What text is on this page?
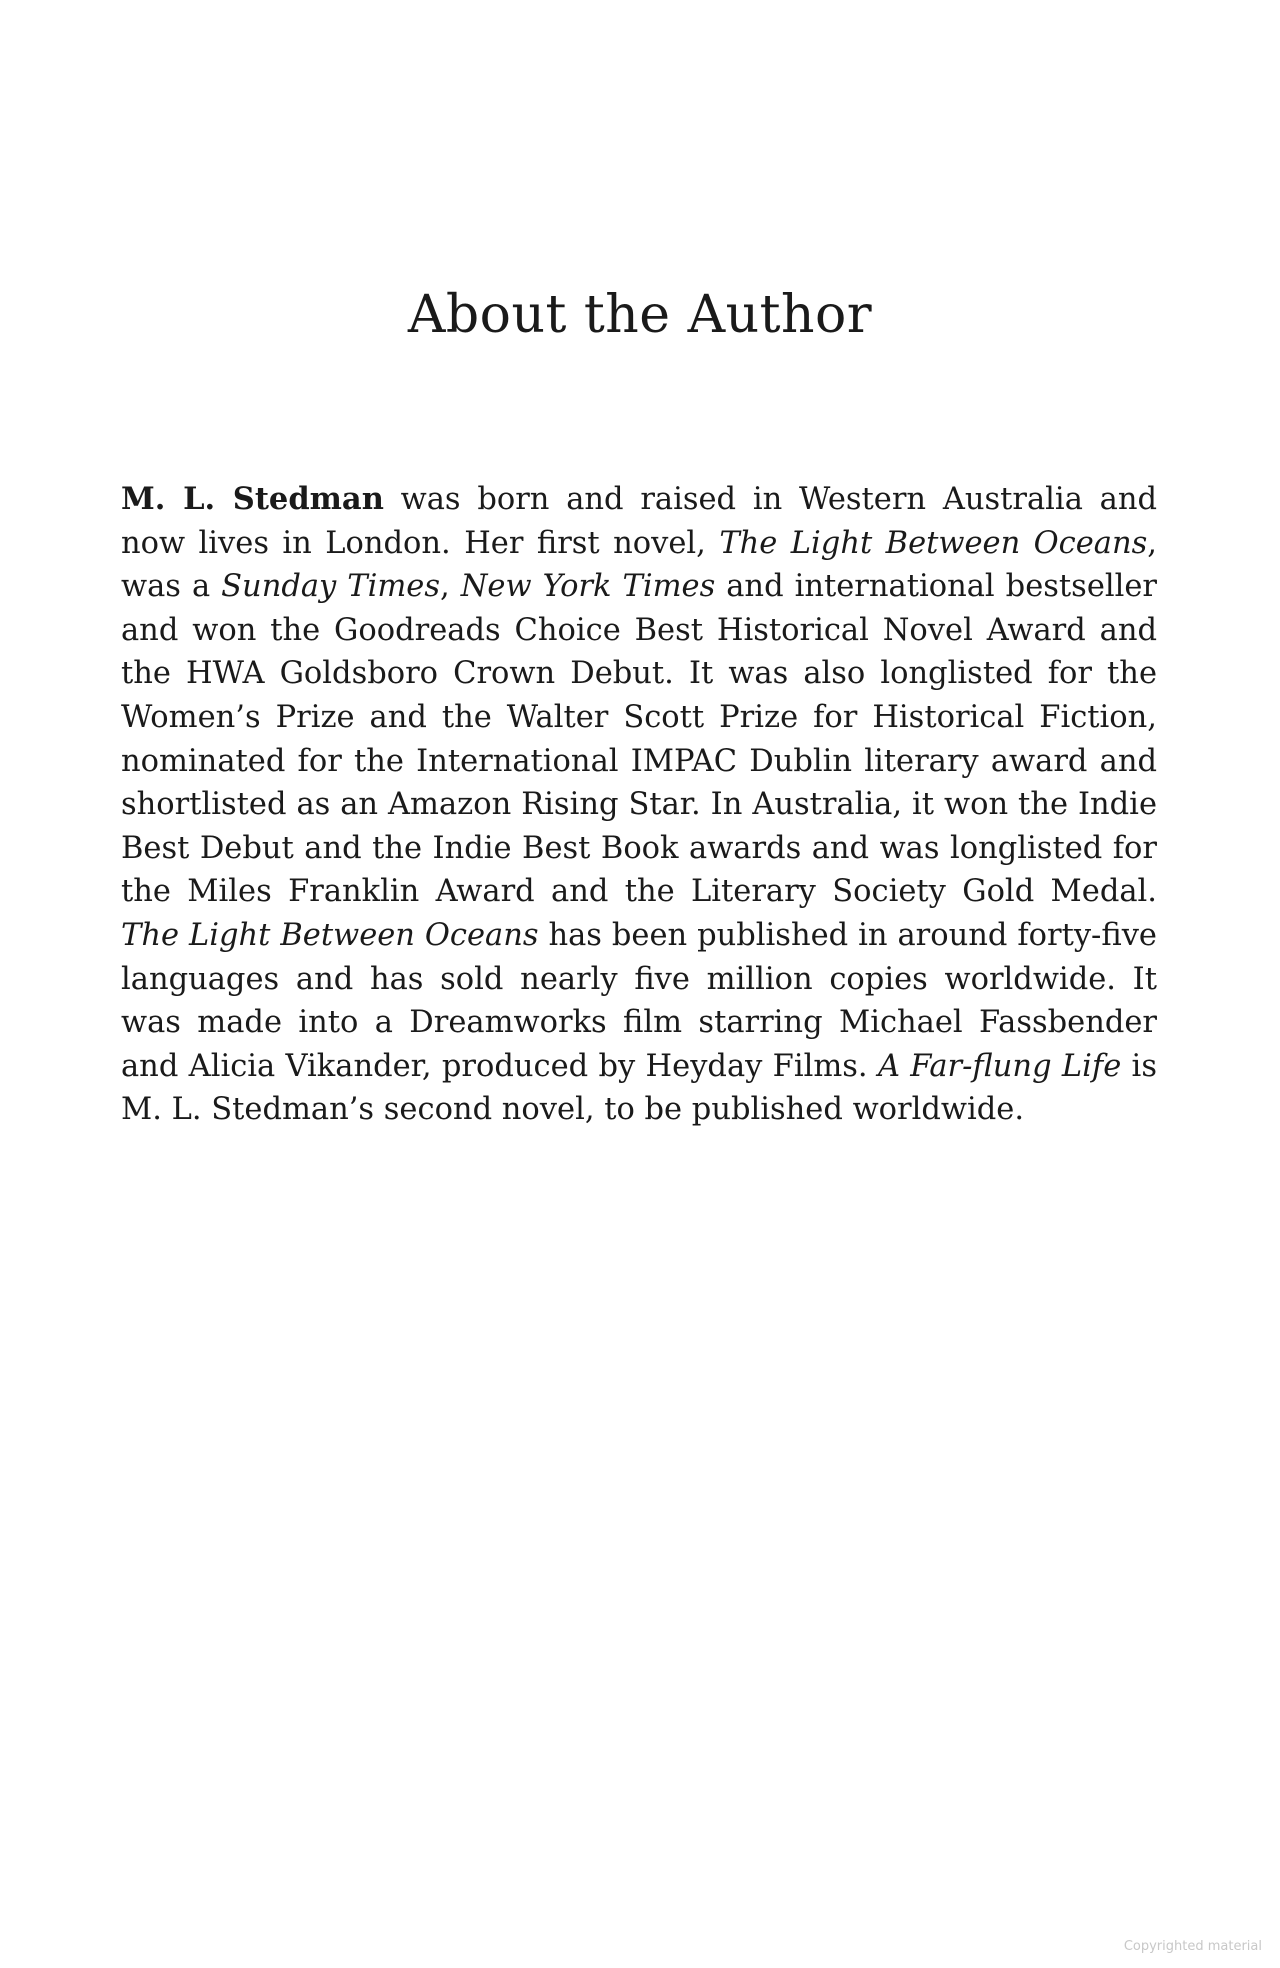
About the Author

M. L. Stedman was born and raised in Western Australia and now lives in London. Her first novel, The Light Between Oceans, was a Sunday Times, New York Times and international bestseller and won the Goodreads Choice Best Historical Novel Award and the HWA Goldsboro Crown Debut. It was also longlisted for the Women’s Prize and the Walter Scott Prize for Historical Fiction, nominated for the International IMPAC Dublin literary award and shortlisted as an Amazon Rising Star. In Australia, it won the Indie Best Debut and the Indie Best Book awards and was longlisted for the Miles Franklin Award and the Literary Society Gold Medal. The Light Between Oceans has been published in around forty-five languages and has sold nearly five million copies worldwide. It was made into a Dreamworks film starring Michael Fassbender and Alicia Vikander, produced by Heyday Films. A Far-flung Life is M. L. Stedman’s second novel, to be published worldwide.

Copyrighted material
